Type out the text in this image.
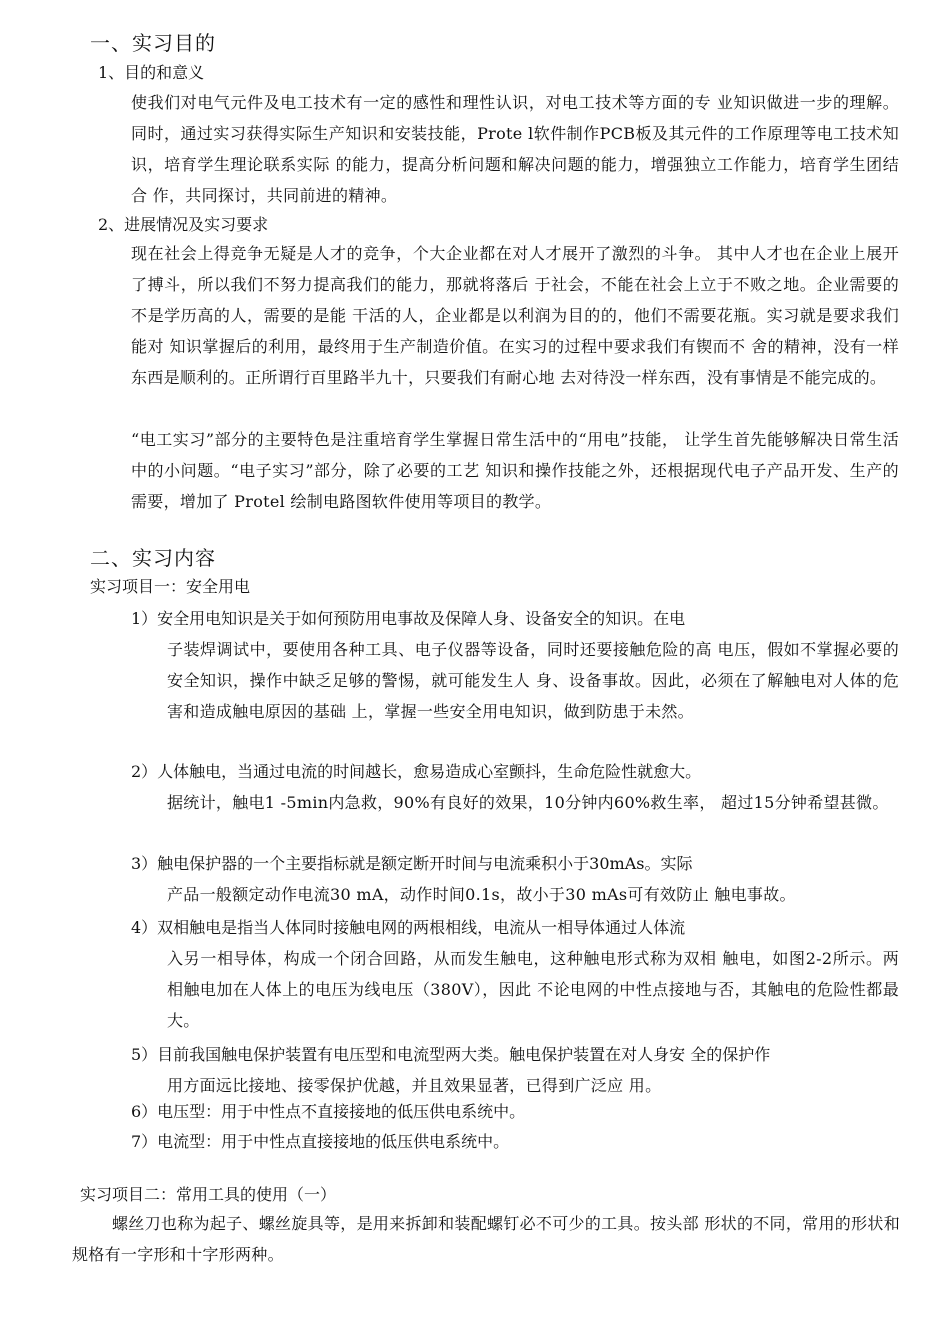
一、实习目的
1、目的和意义
使我们对电气元件及电工技术有一定的感性和理性认识，对电工技术等方面的专 业知识做进一步的理解。同时，通过实习获得实际生产知识和安装技能，Prote l软件制作PCB板及其元件的工作原理等电工技术知识，培育学生理论联系实际 的能力，提高分析问题和解决问题的能力，增强独立工作能力，培育学生团结合 作，共同探讨，共同前进的精神。
2、进展情况及实习要求
现在社会上得竞争无疑是人才的竞争，个大企业都在对人才展开了激烈的斗争。 其中人才也在企业上展开了搏斗，所以我们不努力提高我们的能力，那就将落后 于社会，不能在社会上立于不败之地。企业需要的不是学历高的人，需要的是能 干活的人，企业都是以利润为目的的，他们不需要花瓶。实习就是要求我们能对 知识掌握后的利用，最终用于生产制造价值。在实习的过程中要求我们有锲而不 舍的精神，没有一样东西是顺利的。正所谓行百里路半九十，只要我们有耐心地 去对待没一样东西，没有事情是不能完成的。
“电工实习”部分的主要特色是注重培育学生掌握日常生活中的“用电”技能， 让学生首先能够解决日常生活中的小问题。“电子实习”部分，除了必要的工艺 知识和操作技能之外，还根据现代电子产品开发、生产的需要，增加了 Protel 绘制电路图软件使用等项目的教学。
二、实习内容
实习项目一：安全用电
1）安全用电知识是关于如何预防用电事故及保障人身、设备安全的知识。在电
子装焊调试中，要使用各种工具、电子仪器等设备，同时还要接触危险的高 电压，假如不掌握必要的安全知识，操作中缺乏足够的警惕，就可能发生人 身、设备事故。因此，必须在了解触电对人体的危害和造成触电原因的基础 上，掌握一些安全用电知识，做到防患于未然。
2）人体触电，当通过电流的时间越长，愈易造成心室颤抖，生命危险性就愈大。
据统计，触电1 -5min内急救，90%有良好的效果，10分钟内60%救生率， 超过15分钟希望甚微。
3）触电保护器的一个主要指标就是额定断开时间与电流乘积小于30mAs。实际
产品一般额定动作电流30 mA，动作时间0.1s，故小于30 mAs可有效防止 触电事故。
4）双相触电是指当人体同时接触电网的两根相线，电流从一相导体通过人体流
入另一相导体，构成一个闭合回路，从而发生触电，这种触电形式称为双相 触电，如图2-2所示。两相触电加在人体上的电压为线电压（380V），因此 不论电网的中性点接地与否，其触电的危险性都最大。
5）目前我国触电保护装置有电压型和电流型两大类。触电保护装置在对人身安 全的保护作
用方面远比接地、接零保护优越，并且效果显著，已得到广泛应 用。
6）电压型：用于中性点不直接接地的低压供电系统中。
7）电流型：用于中性点直接接地的低压供电系统中。
实习项目二：常用工具的使用（一）
螺丝刀也称为起子、螺丝旋具等，是用来拆卸和装配螺钉必不可少的工具。按头部 形状的不同，常用的形状和规格有一字形和十字形两种。
